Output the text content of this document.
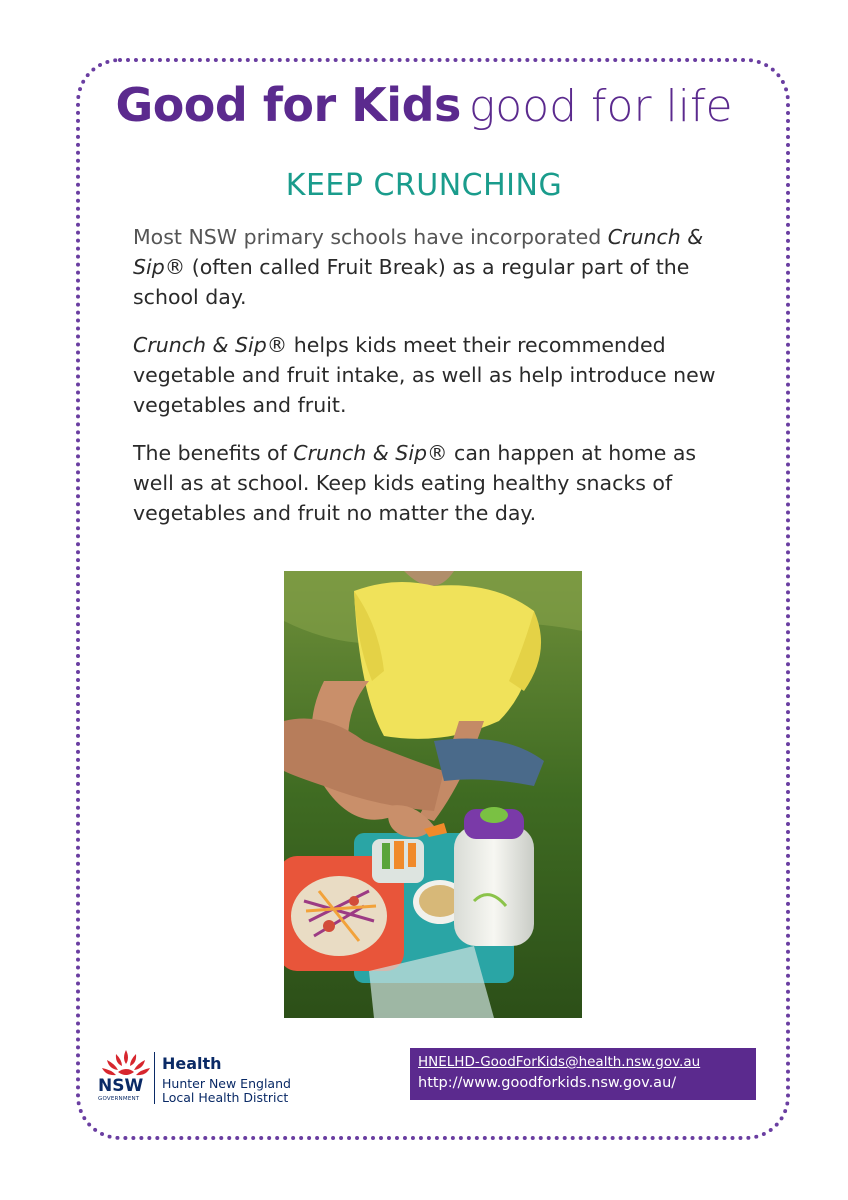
Good for Kids good for life
KEEP CRUNCHING

Most NSW primary schools have incorporated Crunch & Sip® (often called Fruit Break) as a regular part of the school day.

Crunch & Sip® helps kids meet their recommended vegetable and fruit intake, as well as help introduce new vegetables and fruit.

The benefits of Crunch & Sip® can happen at home as well as at school. Keep kids eating healthy snacks of vegetables and fruit no matter the day.

NSW
GOVERNMENT
Health
Hunter New England
Local Health District
HNELHD-GoodForKids@health.nsw.gov.au
http://www.goodforkids.nsw.gov.au/
